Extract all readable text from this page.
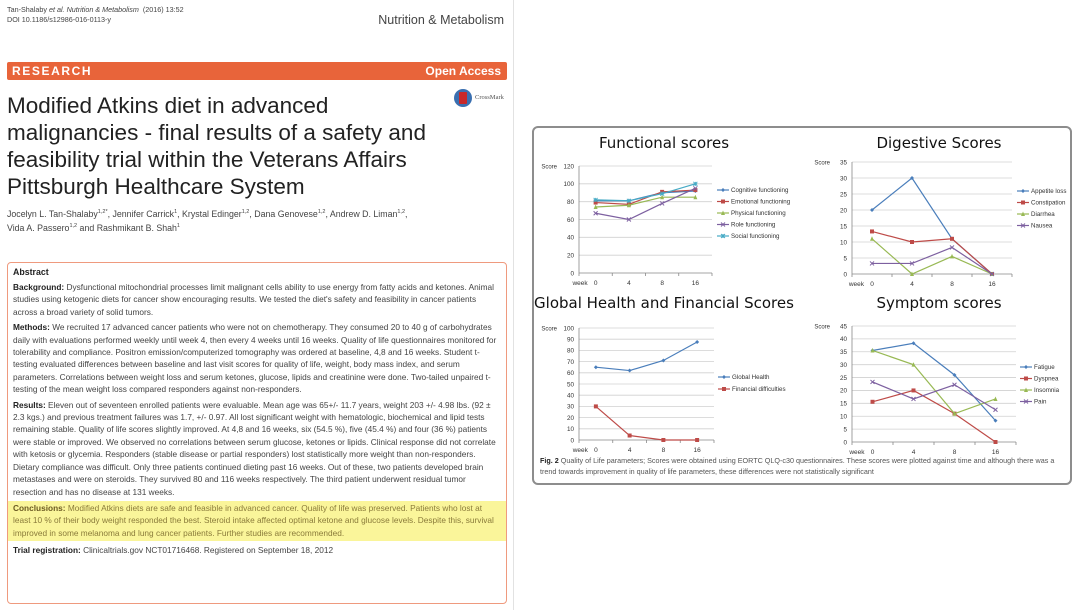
Tan-Shalaby et al. Nutrition & Metabolism (2016) 13:52
DOI 10.1186/s12986-016-0113-y	Nutrition & Metabolism
RESEARCH	Open Access
CrossMark
Modified Atkins diet in advanced malignancies - final results of a safety and feasibility trial within the Veterans Affairs Pittsburgh Healthcare System
Jocelyn L. Tan-Shalaby$^{1,2*}$, Jennifer Carrick$^1$, Krystal Edinger$^{1,2}$, Dana Genovese$^{1,2}$, Andrew D. Liman$^{1,2}$,
Vida A. Passero$^{1,2}$ and Rashmikant B. Shah$^1$
Abstract

Background: Dysfunctional mitochondrial processes limit malignant cells ability to use energy from fatty acids and ketones. Animal studies using ketogenic diets for cancer show encouraging results. We tested the diet's safety and feasibility in cancer patients across a broad variety of solid tumors.

Methods: We recruited 17 advanced cancer patients who were not on chemotherapy. They consumed 20 to 40 g of carbohydrates daily with evaluations performed weekly until week 4, then every 4 weeks until 16 weeks. Quality of life questionnaires monitored for tolerability and compliance. Positron emission/computerized tomography was ordered at baseline, 4,8 and 16 weeks. Student t-testing evaluated differences between baseline and last visit scores for quality of life, weight, body mass index, and serum parameters. Correlations between weight loss and serum ketones, glucose, lipids and creatinine were done. Two-tailed unpaired t-testing of the mean weight loss compared responders against non-responders.

Results: Eleven out of seventeen enrolled patients were evaluable. Mean age was 65+/- 11.7 years, weight 203 +/- 4.98 lbs. (92 ± 2.3 kgs.) and previous treatment failures was 1.7, +/- 0.97. All lost significant weight with hematologic, biochemical and lipid tests remaining stable. Quality of life scores slightly improved. At 4,8 and 16 weeks, six (54.5 %), five (45.4 %) and four (36 %) patients were stable or improved. We observed no correlations between serum glucose, ketones or lipids. Clinical response did not correlate with ketosis or glycemia. Responders (stable disease or partial responders) lost statistically more weight than non-responders. Dietary compliance was difficult. Only three patients continued dieting past 16 weeks. Out of these, two patients developed brain metastases and were on steroids. They survived 80 and 116 weeks respectively. The third patient underwent residual tumor resection and has no disease at 131 weeks.

Conclusions: Modified Atkins diets are safe and feasible in advanced cancer. Quality of life was preserved. Patients who lost at least 10 % of their body weight responded the best. Steroid intake affected optimal ketone and glucose levels. Despite this, survival improved in some melanoma and lung cancer patients. Further studies are recommended.

Trial registration: Clinicaltrials.gov NCT01716468. Registered on September 18, 2012

Functional scores
0
20
40
60
80
100
120
Score
0	4	8	16
week
Cognitive functioning
Emotional functioning
Physical functioning
Role functioning
Social functioning
Digestive Scores
0
5
10
15
20
25
30
35
Score
0	4	8	16
week
Appetite loss
Constipation
Diarrhea
Nausea
Global Health and Financial Scores
0
10
20
30
40
50
60
70
80
90
100
Score
0	4	8	16
week
Global Health
Financial difficulties
Symptom scores
0
5
10
15
20
25
30
35
40
45
Score
0	4	8	16
week
Fatigue
Dyspnea
Insomnia
Pain
Fig. 2 Quality of Life parameters; Scores were obtained using EORTC QLQ-c30 questionnaires. These scores were plotted against time and although there was a trend towards improvement in quality of life parameters, these differences were not statistically significant
